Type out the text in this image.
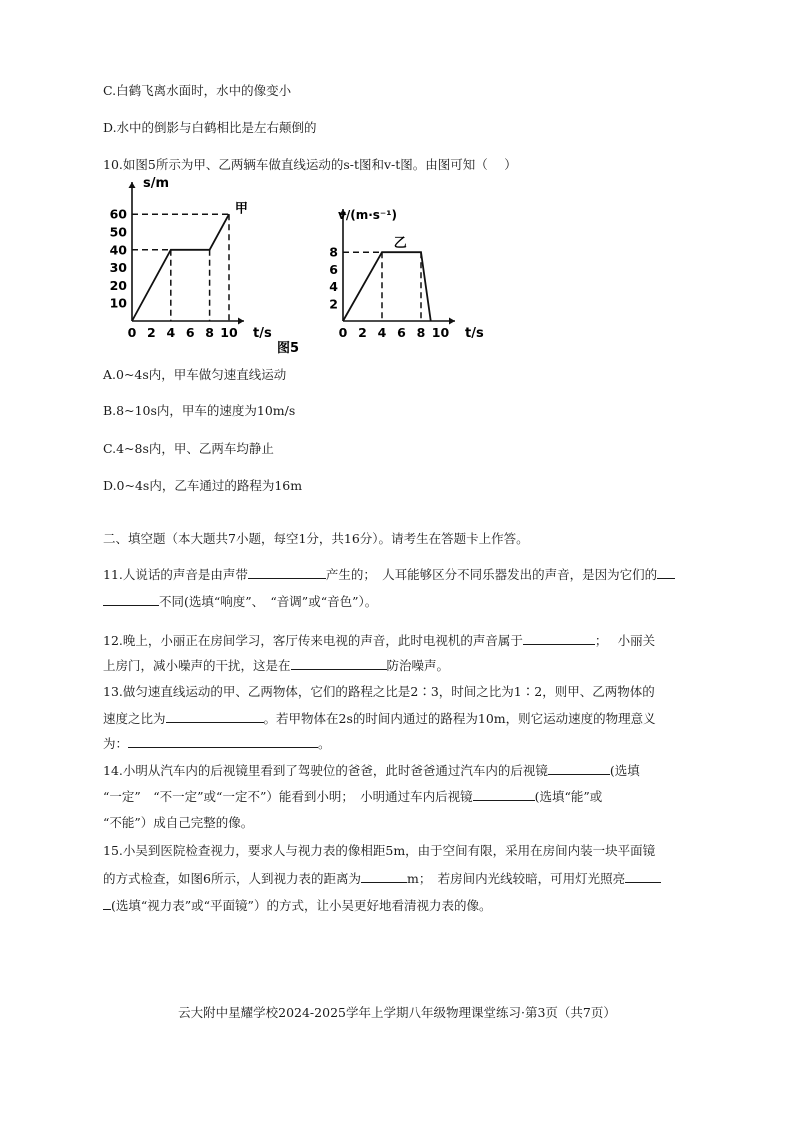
C.白鹤飞离水面时，水中的像变小
D.水中的倒影与白鹤相比是左右颠倒的
10.如图5所示为甲、乙两辆车做直线运动的s-t图和v-t图。由图可知（　 ）
s/m
t/s
0 2 4 6 8 10
10
20
30
40
50
60	甲	v/(m·s⁻¹)
t/s
0 2 4 6 8 10
2
4
6
8
乙
图5
A.0~4s内，甲车做匀速直线运动
B.8~10s内，甲车的速度为10m/s
C.4~8s内，甲、乙两车均静止
D.0~4s内，乙车通过的路程为16m
二、填空题（本大题共7小题，每空1分，共16分）。请考生在答题卡上作答。
11.人说话的声音是由声带	产生的；　人耳能够区分不同乐器发出的声音，是因为它们的
不同(选填“响度”、　“音调”或“音色”）。
12.晚上，小丽正在房间学习，客厅传来电视的声音，此时电视机的声音属于	；　 小丽关
上房门，减小噪声的干扰，这是在	防治噪声。
13.做匀速直线运动的甲、乙两物体，它们的路程之比是2∶3，时间之比为1∶2，则甲、乙两物体的
速度之比为	。若甲物体在2s的时间内通过的路程为10m，则它运动速度的物理意义
为：	。
14.小明从汽车内的后视镜里看到了驾驶位的爸爸，此时爸爸通过汽车内的后视镜	(选填
“一定”　“不一定”或“一定不”）能看到小明；　小明通过车内后视镜	(选填“能”或
“不能”）成自己完整的像。
15.小吴到医院检查视力，要求人与视力表的像相距5m，由于空间有限，采用在房间内装一块平面镜
的方式检查，如图6所示，人到视力表的距离为	m；　若房间内光线较暗，可用灯光照亮
(选填“视力表”或“平面镜”）的方式，让小吴更好地看清视力表的像。
云大附中星耀学校2024-2025学年上学期八年级物理课堂练习·第3页（共7页）
